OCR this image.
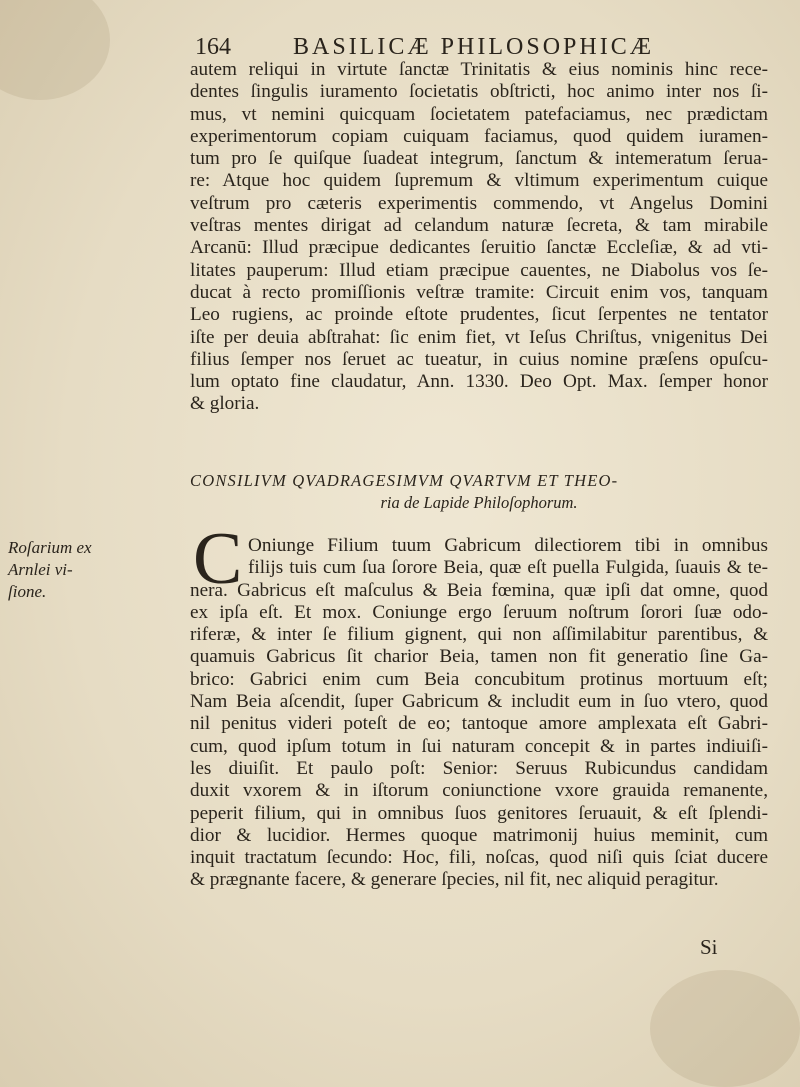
164	BASILICÆ PHILOSOPHICÆ
autem reliqui in virtute ſanctæ Trinitatis & eius nominis hinc rece-
dentes ſingulis iuramento ſocietatis obſtricti, hoc animo inter nos ſi-
mus, vt nemini quicquam ſocietatem patefaciamus, nec prædictam
experimentorum copiam cuiquam faciamus, quod quidem iuramen-
tum pro ſe quiſque ſuadeat integrum, ſanctum & intemeratum ſerua-
re: Atque hoc quidem ſupremum & vltimum experimentum cuique
veſtrum pro cæteris experimentis commendo, vt Angelus Domini
veſtras mentes dirigat ad celandum naturæ ſecreta, & tam mirabile
Arcanū: Illud præcipue dedicantes ſeruitio ſanctæ Eccleſiæ, & ad vti-
litates pauperum: Illud etiam præcipue cauentes, ne Diabolus vos ſe-
ducat à recto promiſſionis veſtræ tramite: Circuit enim vos, tanquam
Leo rugiens, ac proinde eſtote prudentes, ſicut ſerpentes ne tentator
iſte per deuia abſtrahat: ſic enim fiet, vt Ieſus Chriſtus, vnigenitus Dei
filius ſemper nos ſeruet ac tueatur, in cuius nomine præſens opuſcu-
lum optato fine claudatur, Ann. 1330. Deo Opt. Max. ſemper honor
& gloria.
CONSILIVM QVADRAGESIMVM QVARTVM ET THEO-
ria de Lapide Philoſophorum.
Roſarium ex
Arnlei vi-
ſione.	C Oniunge Filium tuum Gabricum dilectiorem tibi in omnibus
filijs tuis cum ſua ſorore Beia, quæ eſt puella Fulgida, ſuauis & te-
nera. Gabricus eſt maſculus & Beia fœmina, quæ ipſi dat omne, quod
ex ipſa eſt. Et mox. Coniunge ergo ſeruum noſtrum ſorori ſuæ odo-
riferæ, & inter ſe filium gignent, qui non aſſimilabitur parentibus, &
quamuis Gabricus ſit charior Beia, tamen non fit generatio ſine Ga-
brico: Gabrici enim cum Beia concubitum protinus mortuum eſt;
Nam Beia aſcendit, ſuper Gabricum & includit eum in ſuo vtero, quod
nil penitus videri poteſt de eo; tantoque amore amplexata eſt Gabri-
cum, quod ipſum totum in ſui naturam concepit & in partes indiuiſi-
les diuiſit. Et paulo poſt: Senior: Seruus Rubicundus candidam
duxit vxorem & in iſtorum coniunctione vxore grauida remanente,
peperit filium, qui in omnibus ſuos genitores ſeruauit, & eſt ſplendi-
dior & lucidior. Hermes quoque matrimonij huius meminit, cum
inquit tractatum ſecundo: Hoc, fili, noſcas, quod niſi quis ſciat ducere
& prægnante facere, & generare ſpecies, nil fit, nec aliquid peragitur.
Si
